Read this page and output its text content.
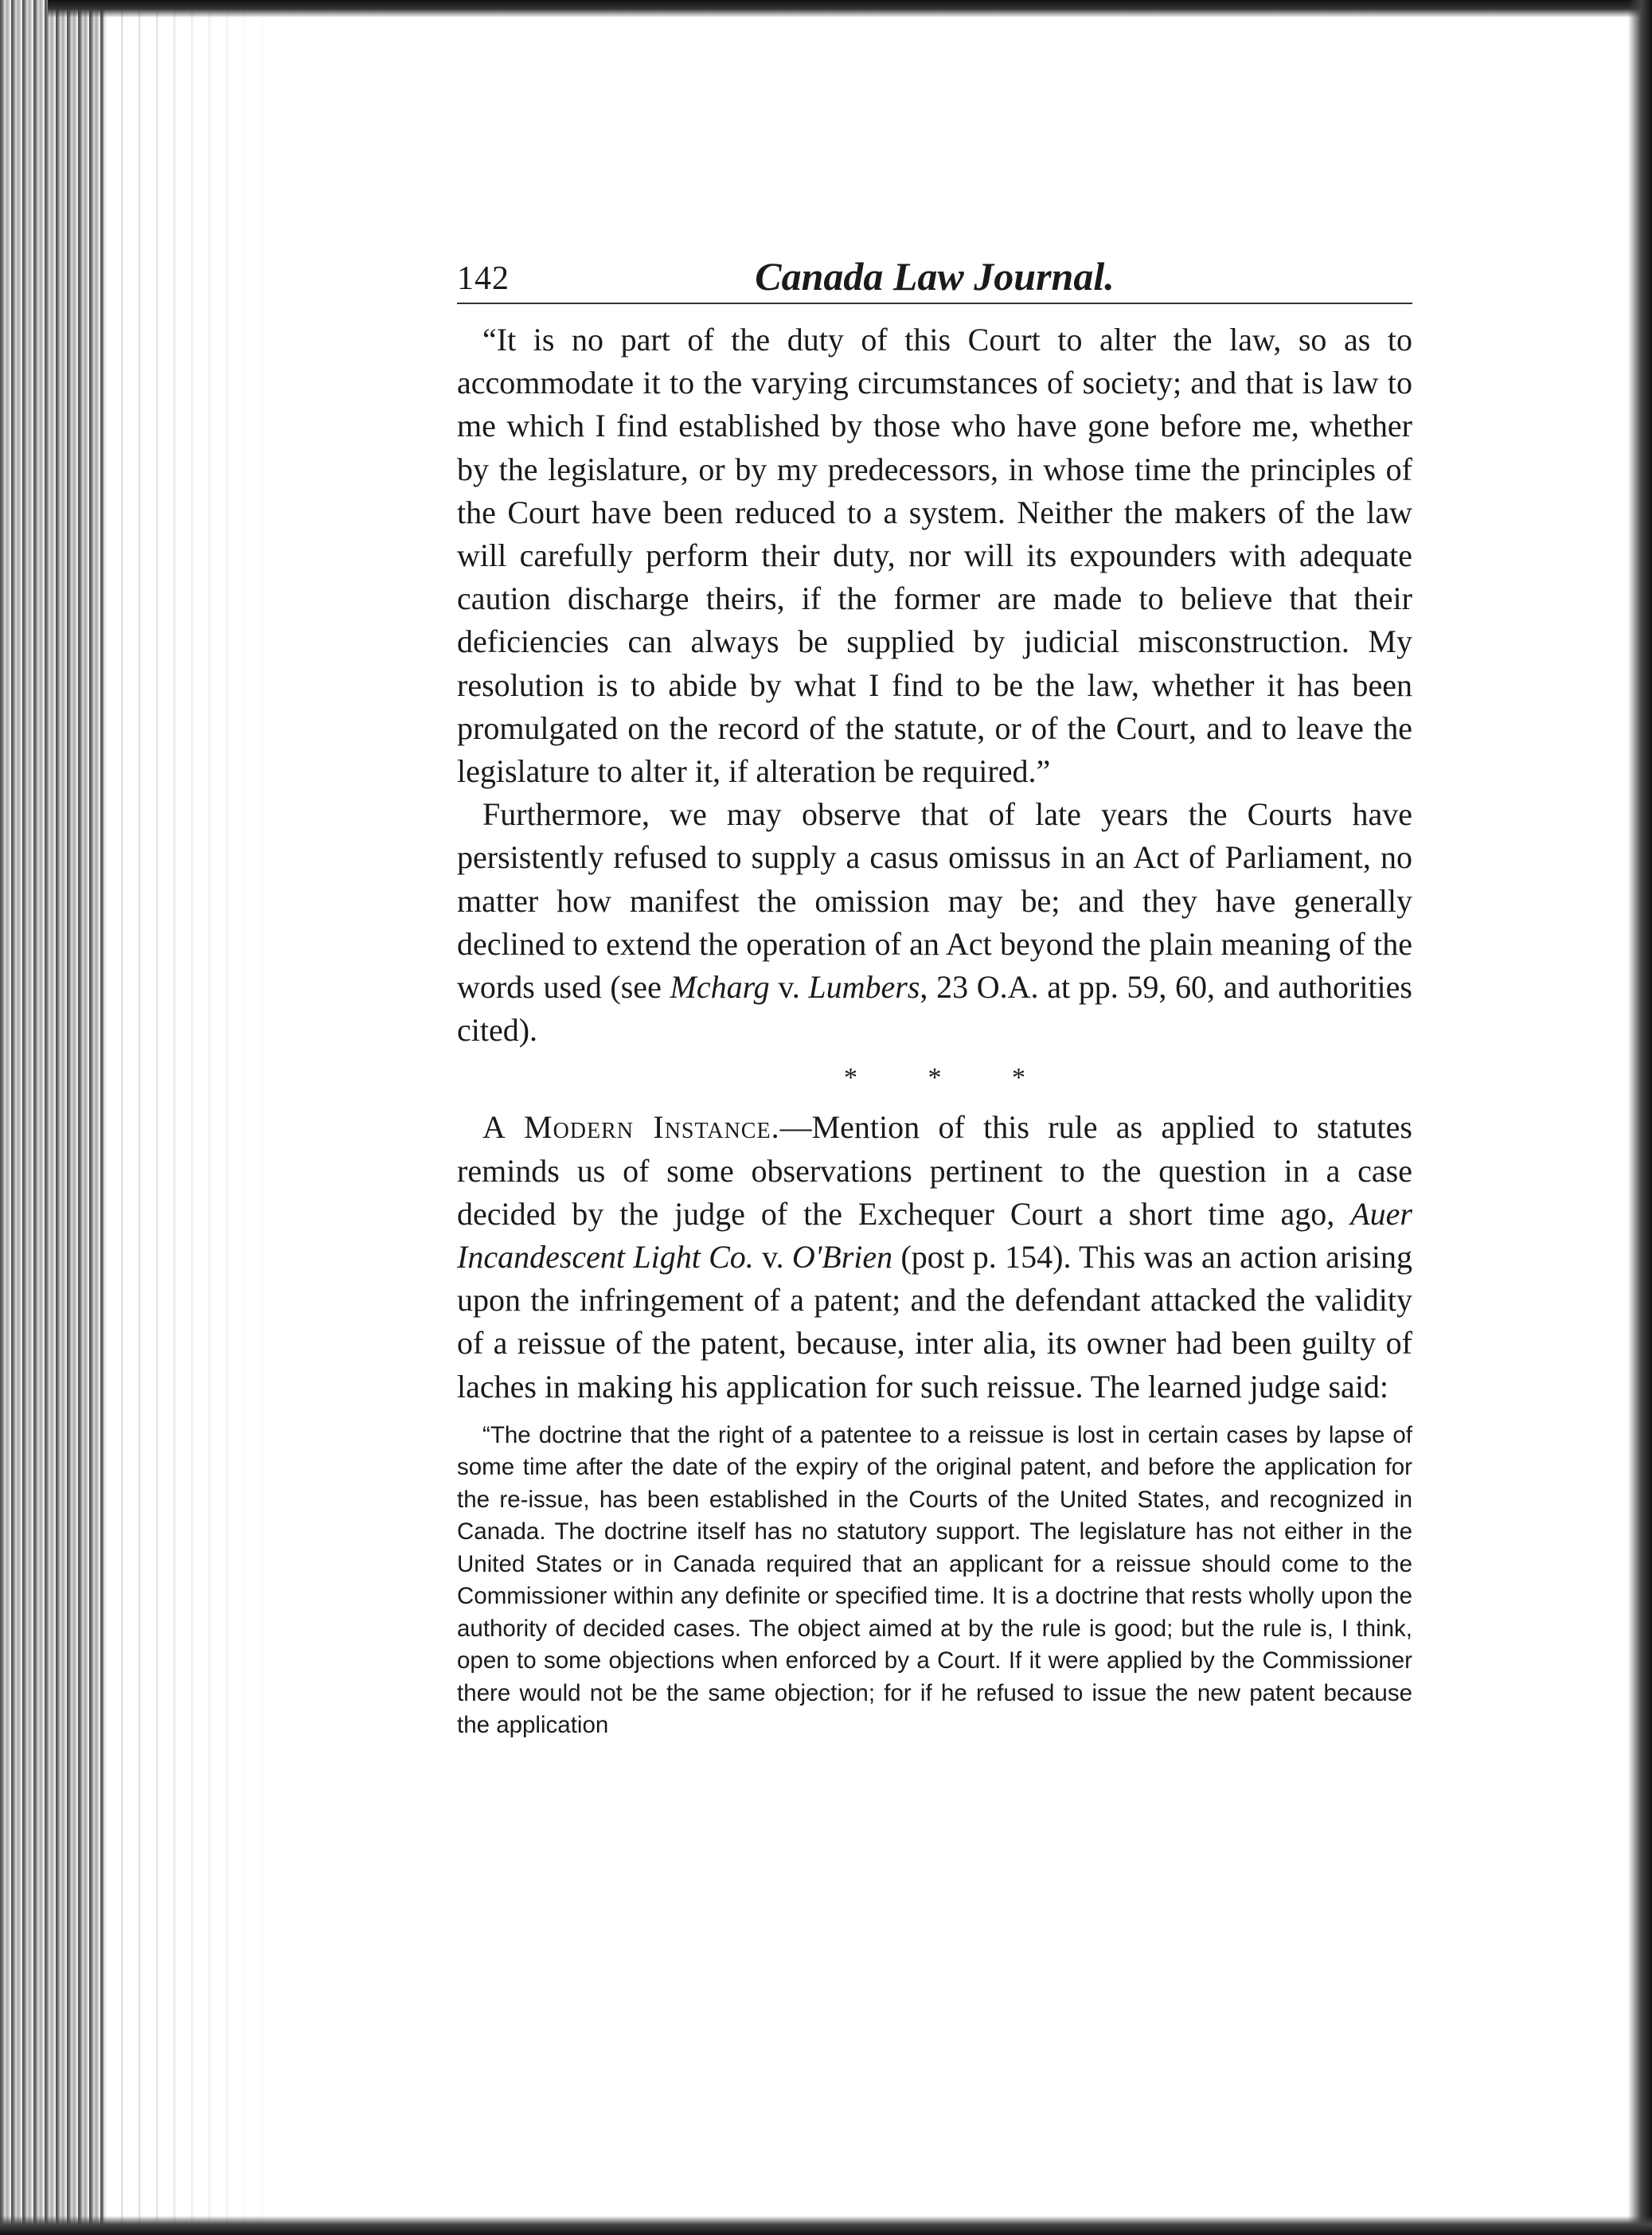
142	Canada Law Journal.

“It is no part of the duty of this Court to alter the law, so as to accommodate it to the varying circumstances of society; and that is law to me which I find established by those who have gone before me, whether by the legislature, or by my predecessors, in whose time the principles of the Court have been reduced to a system. Neither the makers of the law will carefully perform their duty, nor will its expounders with adequate caution discharge theirs, if the former are made to believe that their deficiencies can always be supplied by judicial misconstruction. My resolution is to abide by what I find to be the law, whether it has been promulgated on the record of the statute, or of the Court, and to leave the legislature to alter it, if alteration be required.”

Furthermore, we may observe that of late years the Courts have persistently refused to supply a casus omissus in an Act of Parliament, no matter how manifest the omission may be; and they have generally declined to extend the operation of an Act beyond the plain meaning of the words used (see Mcharg v. Lumbers, 23 O.A. at pp. 59, 60, and authorities cited).

* * *

A Modern Instance.—Mention of this rule as applied to statutes reminds us of some observations pertinent to the question in a case decided by the judge of the Exchequer Court a short time ago, Auer Incandescent Light Co. v. O'Brien (post p. 154). This was an action arising upon the infringement of a patent; and the defendant attacked the validity of a reissue of the patent, because, inter alia, its owner had been guilty of laches in making his application for such reissue. The learned judge said:

“The doctrine that the right of a patentee to a reissue is lost in certain cases by lapse of some time after the date of the expiry of the original patent, and before the application for the re-issue, has been established in the Courts of the United States, and recognized in Canada. The doctrine itself has no statutory support. The legislature has not either in the United States or in Canada required that an applicant for a reissue should come to the Commissioner within any definite or specified time. It is a doctrine that rests wholly upon the authority of decided cases. The object aimed at by the rule is good; but the rule is, I think, open to some objections when enforced by a Court. If it were applied by the Commissioner there would not be the same objection; for if he refused to issue the new patent because the application
